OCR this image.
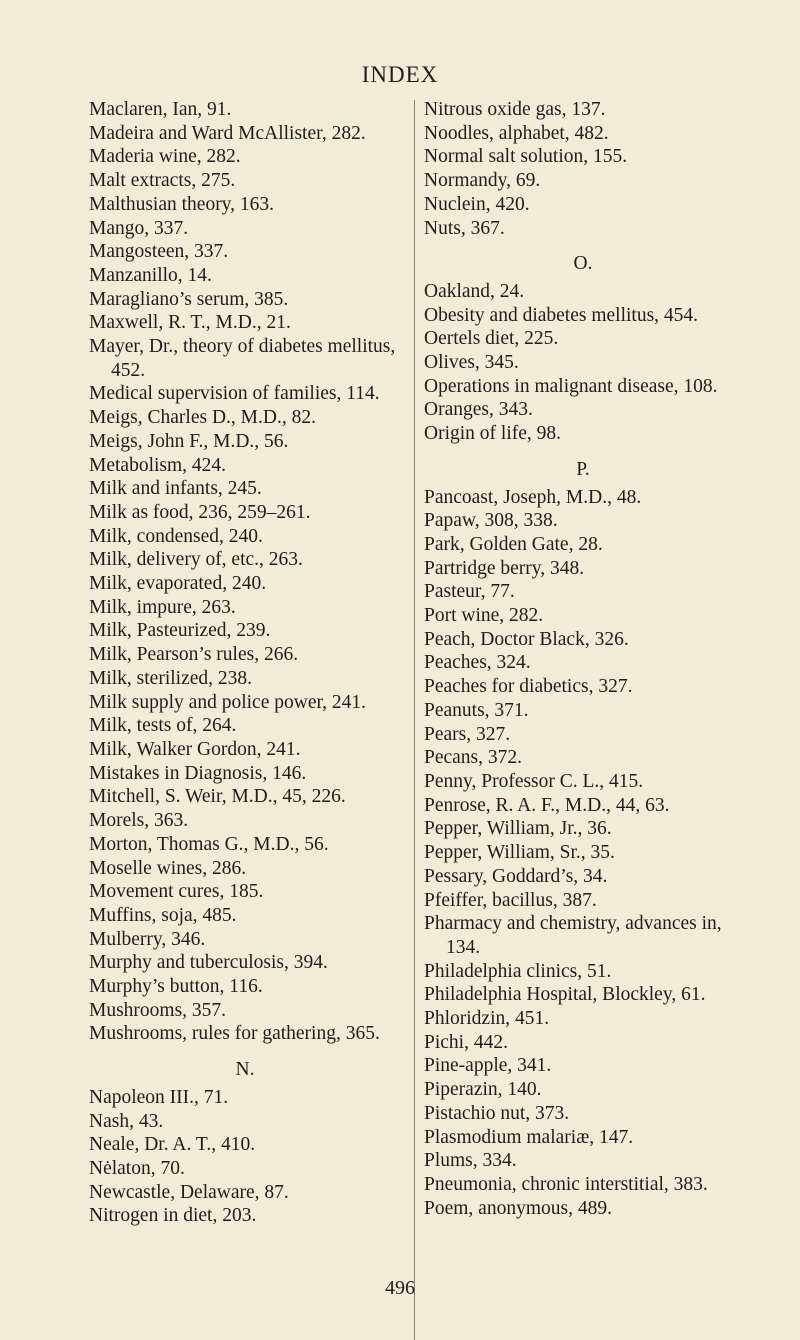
INDEX
Maclaren, Ian, 91.
Madeira and Ward McAllister, 282.
Maderia wine, 282.
Malt extracts, 275.
Malthusian theory, 163.
Mango, 337.
Mangosteen, 337.
Manzanillo, 14.
Maragliano’s serum, 385.
Maxwell, R. T., M.D., 21.
Mayer, Dr., theory of diabetes mellitus,
452.
Medical supervision of families, 114.
Meigs, Charles D., M.D., 82.
Meigs, John F., M.D., 56.
Metabolism, 424.
Milk and infants, 245.
Milk as food, 236, 259–261.
Milk, condensed, 240.
Milk, delivery of, etc., 263.
Milk, evaporated, 240.
Milk, impure, 263.
Milk, Pasteurized, 239.
Milk, Pearson’s rules, 266.
Milk, sterilized, 238.
Milk supply and police power, 241.
Milk, tests of, 264.
Milk, Walker Gordon, 241.
Mistakes in Diagnosis, 146.
Mitchell, S. Weir, M.D., 45, 226.
Morels, 363.
Morton, Thomas G., M.D., 56.
Moselle wines, 286.
Movement cures, 185.
Muffins, soja, 485.
Mulberry, 346.
Murphy and tuberculosis, 394.
Murphy’s button, 116.
Mushrooms, 357.
Mushrooms, rules for gathering, 365.
N.
Napoleon III., 71.
Nash, 43.
Neale, Dr. A. T., 410.
Nėlaton, 70.
Newcastle, Delaware, 87.
Nitrogen in diet, 203.
Nitrous oxide gas, 137.
Noodles, alphabet, 482.
Normal salt solution, 155.
Normandy, 69.
Nuclein, 420.
Nuts, 367.
O.
Oakland, 24.
Obesity and diabetes mellitus, 454.
Oertels diet, 225.
Olives, 345.
Operations in malignant disease, 108.
Oranges, 343.
Origin of life, 98.
P.
Pancoast, Joseph, M.D., 48.
Papaw, 308, 338.
Park, Golden Gate, 28.
Partridge berry, 348.
Pasteur, 77.
Port wine, 282.
Peach, Doctor Black, 326.
Peaches, 324.
Peaches for diabetics, 327.
Peanuts, 371.
Pears, 327.
Pecans, 372.
Penny, Professor C. L., 415.
Penrose, R. A. F., M.D., 44, 63.
Pepper, William, Jr., 36.
Pepper, William, Sr., 35.
Pessary, Goddard’s, 34.
Pfeiffer, bacillus, 387.
Pharmacy and chemistry, advances in,
134.
Philadelphia clinics, 51.
Philadelphia Hospital, Blockley, 61.
Phloridzin, 451.
Pichi, 442.
Pine-apple, 341.
Piperazin, 140.
Pistachio nut, 373.
Plasmodium malariæ, 147.
Plums, 334.
Pneumonia, chronic interstitial, 383.
Poem, anonymous, 489.
496
